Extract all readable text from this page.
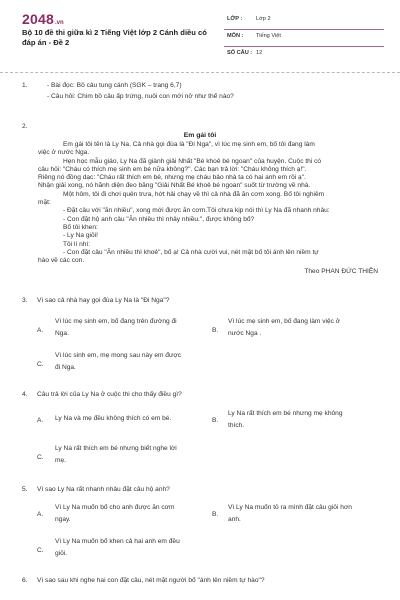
2048.vn
Bộ 10 đề thi giữa kì 2 Tiếng Việt lớp 2 Cánh diều có đáp án - Đề 2
LỚP : Lớp 2
MÔN : Tiếng Việt
SỐ CÂU : 12
1.	- Bài đọc: Bồ câu tung cánh (SGK – trang 6,7)
- Câu hỏi: Chim bồ câu ấp trứng, nuôi con mới nở như thế nào?
2.
Em gái tôi

Em gái tôi tên là Ly Na. Cả nhà gọi đùa là "Đi Nga", vì lúc mẹ sinh em, bố tôi đang làm

việc ở nước Nga.

Hẹn học mẫu giáo, Ly Na đã giành giải Nhất "Bé khoẻ bé ngoan" của huyện. Cuộc thi có

câu hỏi: "Cháu có thích mẹ sinh em bé nữa không?". Các bạn trả lời: "Cháu không thích ạ!".

Riêng nó đồng dạc: "Cháu rất thích em bé, nhưng mẹ cháu bảo nhà ta có hai anh em rồi ạ".

Nhận giải xong, nó hãnh diện đeo băng "Giải Nhất Bé khoẻ bé ngoan" suốt từ trường về nhà.

Một hôm, tôi đi chơi quên trưa, hớt hải chạy về thì cả nhà đã ăn cơm xong. Bố tôi nghiêm

mặt:

- Đặt câu với "ăn nhiều", xong mới được ăn cơm.Tôi chưa kịp nói thì Ly Na đã nhanh nhảu:

- Con đặt hộ anh câu "Ăn nhiều thì nhảy nhiều.", được không bố?

Bố tôi khen:

- Ly Na giỏi!

Tôi lí nhí:

- Con đặt câu "Ăn nhiều thì khoẻ", bố ạ! Cả nhà cười vui, nét mặt bố tôi ánh lên niềm tự

hào về các con.

Theo PHAN ĐỨC THIỆN
3. Vì sao cả nhà hay gọi đùa Ly Na là "Đi Nga"?
A.
Vì lúc mẹ sinh em, bố đang trên đường đi
Nga.	B.
Vì lúc mẹ sinh em, bố đang làm việc ở
nước Nga .
C.
Vì lúc sinh em, mẹ mong sau này em được
đi Nga.
4. Câu trả lời của Ly Na ở cuộc thi cho thấy điều gì?
A. Ly Na và mẹ đều không thích có em bé.	B.
Ly Na rất thích em bé nhưng mẹ không
thích.
C.
Ly Na rất thích em bé nhưng biết nghe lời
mẹ.
5. Vì sao Ly Na rất nhanh nhảu đặt câu hộ anh?
A.
Vì Ly Na muốn bố cho anh được ăn cơm
ngay.
B.
Vì Ly Na muốn tỏ ra mình đặt câu giỏi hơn
anh.
C.
Vì Ly Na muốn bố khen cả hai anh em đều
giỏi.
6. Vì sao sau khi nghe hai con đặt câu, nét mặt người bố "ánh lên niềm tự hào"?
